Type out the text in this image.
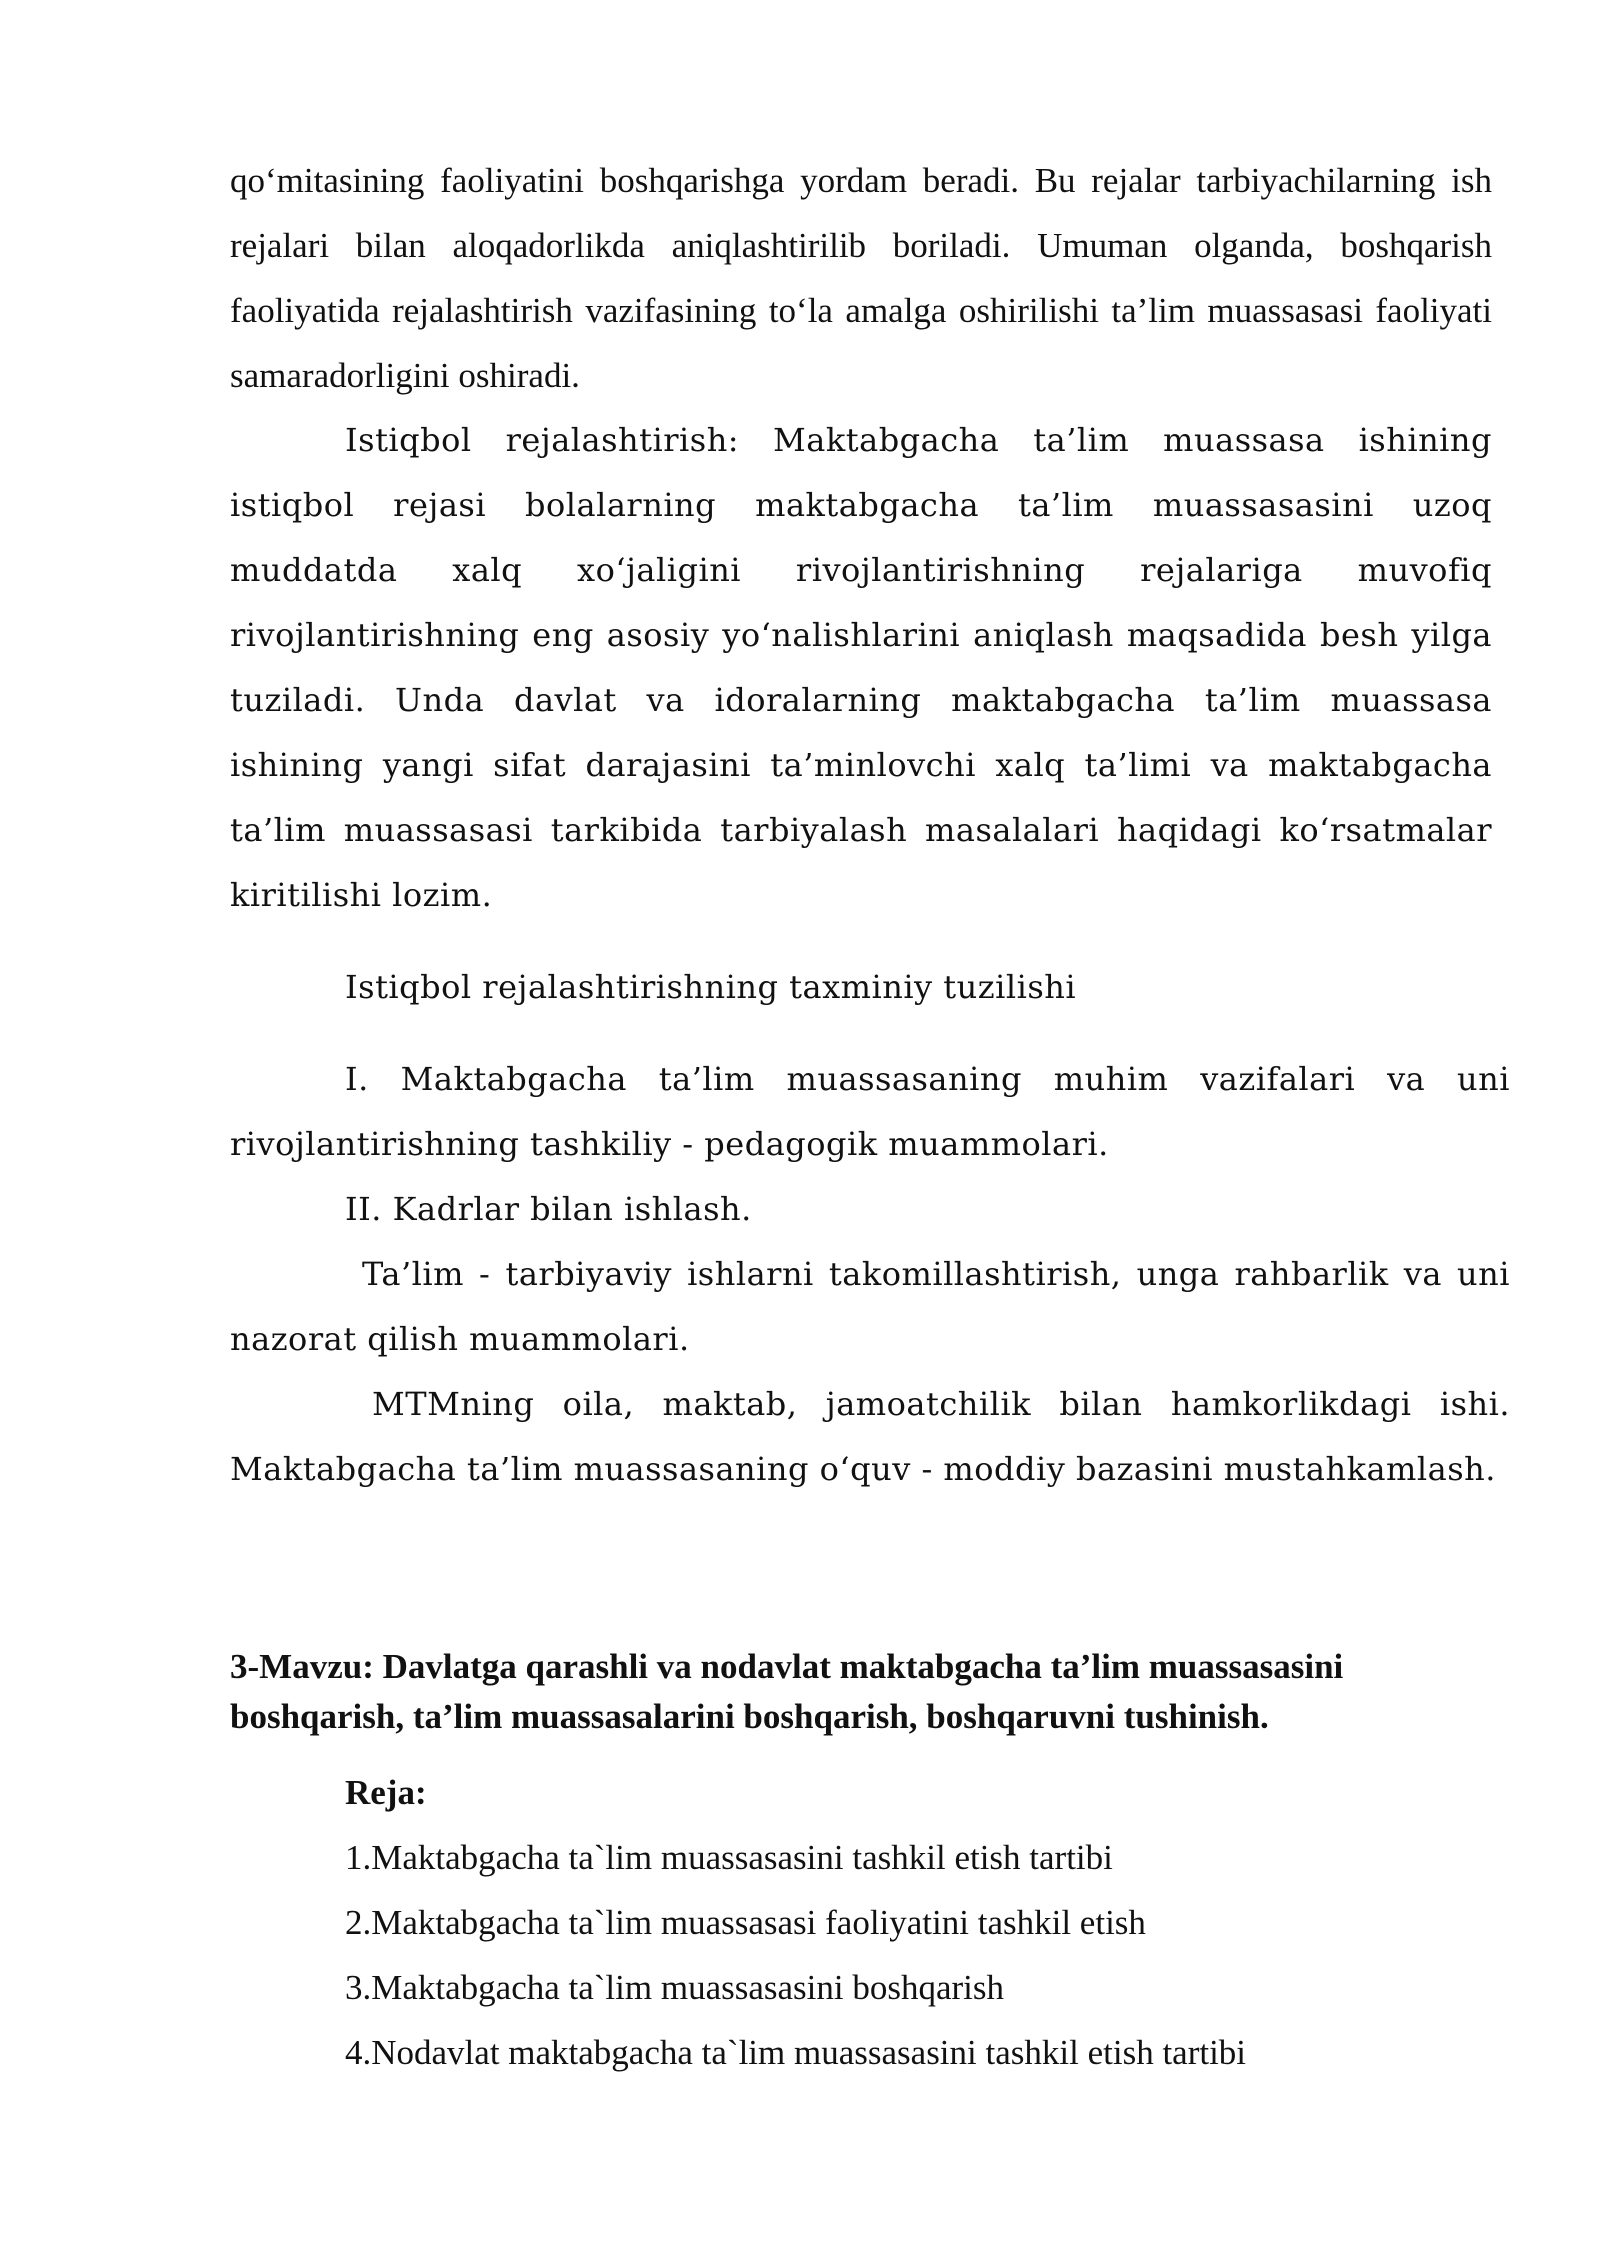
qo‘mitasining faoliyatini boshqarishga yordam beradi. Bu rejalar tarbiyachilarning ish rejalari bilan aloqadorlikda aniqlashtirilib boriladi. Umuman olganda, boshqarish faoliyatida rejalashtirish vazifasining to‘la amalga oshirilishi ta’lim muassasasi faoliyati samaradorligini oshiradi.

Istiqbol rejalashtirish: Maktabgacha ta’lim muassasa ishining istiqbol rejasi bolalarning maktabgacha ta’lim muassasasini uzoq muddatda xalq xo‘jaligini rivojlantirishning rejalariga muvofiq rivojlantirishning eng asosiy yo‘nalishlarini aniqlash maqsadida besh yilga tuziladi. Unda davlat va idoralarning maktabgacha ta’lim muassasa ishining yangi sifat darajasini ta’minlovchi xalq ta’limi va maktabgacha ta’lim muassasasi tarkibida tarbiyalash masalalari haqidagi ko‘rsatmalar kiritilishi lozim.

Istiqbol rejalashtirishning taxminiy tuzilishi

I. Maktabgacha ta’lim muassasaning muhim vazifalari va uni rivojlantirishning tashkiliy - pedagogik muammolari.

II. Kadrlar bilan ishlash.

Ta’lim - tarbiyaviy ishlarni takomillashtirish, unga rahbarlik va uni nazorat qilish muammolari.

MTMning oila, maktab, jamoatchilik bilan hamkorlikdagi ishi. Maktabgacha ta’lim muassasaning o‘quv - moddiy bazasini mustahkamlash.

3-Mavzu: Davlatga qarashli va nodavlat maktabgacha ta’lim muassasasini boshqarish, ta’lim muassasalarini boshqarish, boshqaruvni tushinish.
Reja:
1.Maktabgacha ta`lim muassasasini tashkil etish tartibi
2.Maktabgacha ta`lim muassasasi faoliyatini tashkil etish
3.Maktabgacha ta`lim muassasasini boshqarish
4.Nodavlat maktabgacha ta`lim muassasasini tashkil etish tartibi
